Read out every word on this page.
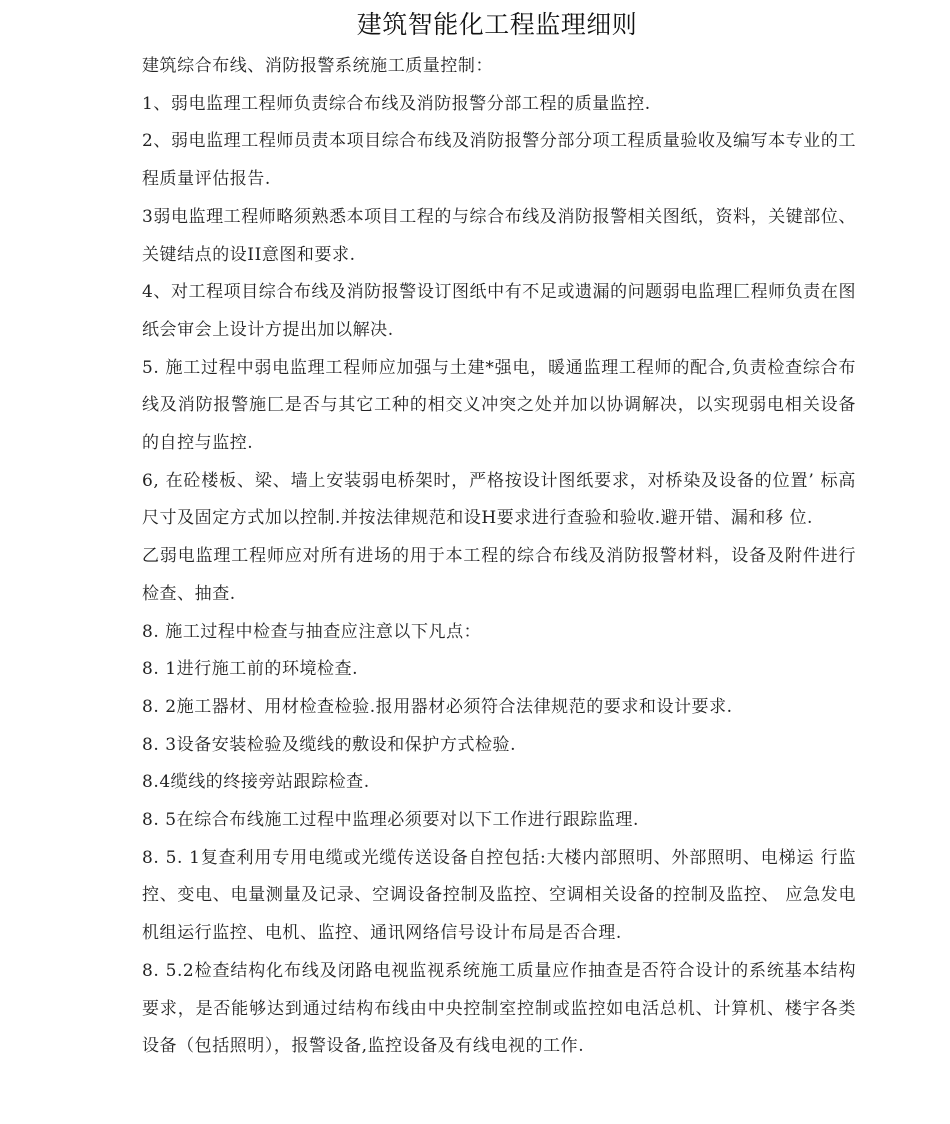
建筑智能化工程监理细则

建筑综合布线、消防报警系统施工质量控制：

1、弱电监理工程师负责综合布线及消防报警分部工程的质量监控.

2、弱电监理工程师员责本项目综合布线及消防报警分部分项工程质量验收及编写本专业的工程质量评估报告.

3弱电监理工程师略须熟悉本项目工程的与综合布线及消防报警相关图纸，资料，关键部位、关键结点的设II意图和要求.

4、对工程项目综合布线及消防报警设订图纸中有不足或遗漏的问题弱电监理匚程师负责在图纸会审会上设计方提出加以解决.

5. 施工过程中弱电监理工程师应加强与土建*强电，暖通监理工程师的配合,负责检查综合布线及消防报警施匚是否与其它工种的相交义冲突之处并加以协调解决，以实现弱电相关设备的自控与监控.

6, 在砼楼板、梁、墙上安装弱电桥架时，严格按设计图纸要求，对桥染及设备的位置’ 标高尺寸及固定方式加以控制.并按法律规范和设H要求进行查验和验收.避开错、漏和移 位.

乙弱电监理工程师应对所有进场的用于本工程的综合布线及消防报警材料，设备及附件进行检查、抽查.

8. 施工过程中检查与抽查应注意以下凡点：

8. 1进行施工前的环境检查.

8. 2施工器材、用材检查检验.报用器材必须符合法律规范的要求和设计要求.

8. 3设备安装检验及缆线的敷设和保护方式检验.

8.4缆线的终接旁站跟踪检查.

8. 5在综合布线施工过程中监理必须要对以下工作进行跟踪监理.

8. 5. 1复查利用专用电缆或光缆传送设备自控包括:大楼内部照明、外部照明、电梯运 行监控、变电、电量测量及记录、空调设备控制及监控、空调相关设备的控制及监控、 应急发电机组运行监控、电机、监控、通讯网络信号设计布局是否合理.

8. 5.2检查结构化布线及闭路电视监视系统施工质量应作抽查是否符合设计的系统基本结构要求，是否能够达到通过结构布线由中央控制室控制或监控如电活总机、计算机、楼宇各类设备（包括照明），报警设备,监控设备及有线电视的工作.
